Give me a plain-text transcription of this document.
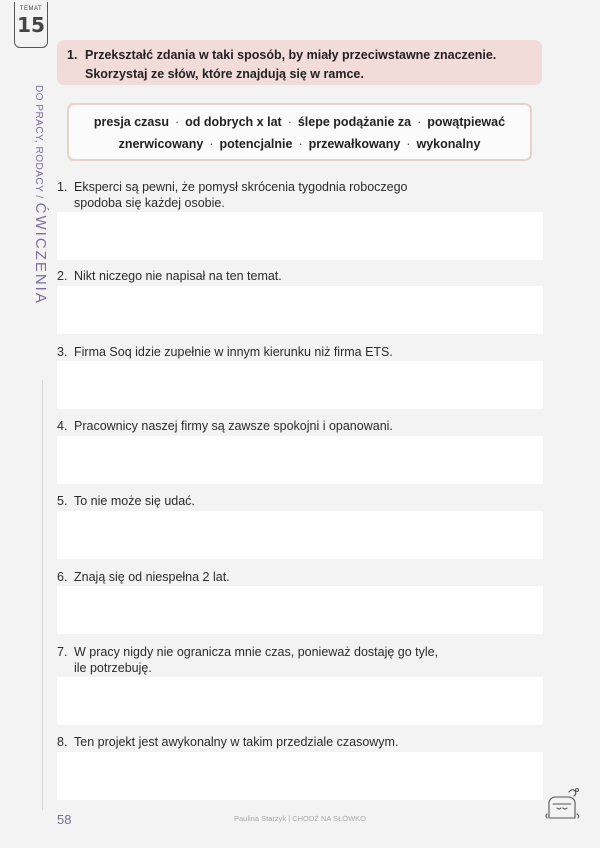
TEMAT
15
DO PRACY, RODACY /
ĆWICZENIA
1. Przekształć zdania w taki sposób, by miały przeciwstawne znaczenie.
Skorzystaj ze słów, które znajdują się w ramce.
presja czasu · od dobrych x lat · ślepe podążanie za · powątpiewać
znerwicowany · potencjalnie · przewałkowany · wykonalny
1. Eksperci są pewni, że pomysł skrócenia tygodnia roboczego
spodoba się każdej osobie.
2. Nikt niczego nie napisał na ten temat.
3. Firma Soq idzie zupełnie w innym kierunku niż firma ETS.
4. Pracownicy naszej firmy są zawsze spokojni i opanowani.
5. To nie może się udać.
6. Znają się od niespełna 2 lat.
7. W pracy nigdy nie ogranicza mnie czas, ponieważ dostaję go tyle,
ile potrzebuję.
8. Ten projekt jest awykonalny w takim przedziale czasowym.
58	Paulina Starzyk | CHODŹ NA SŁÓWKO
